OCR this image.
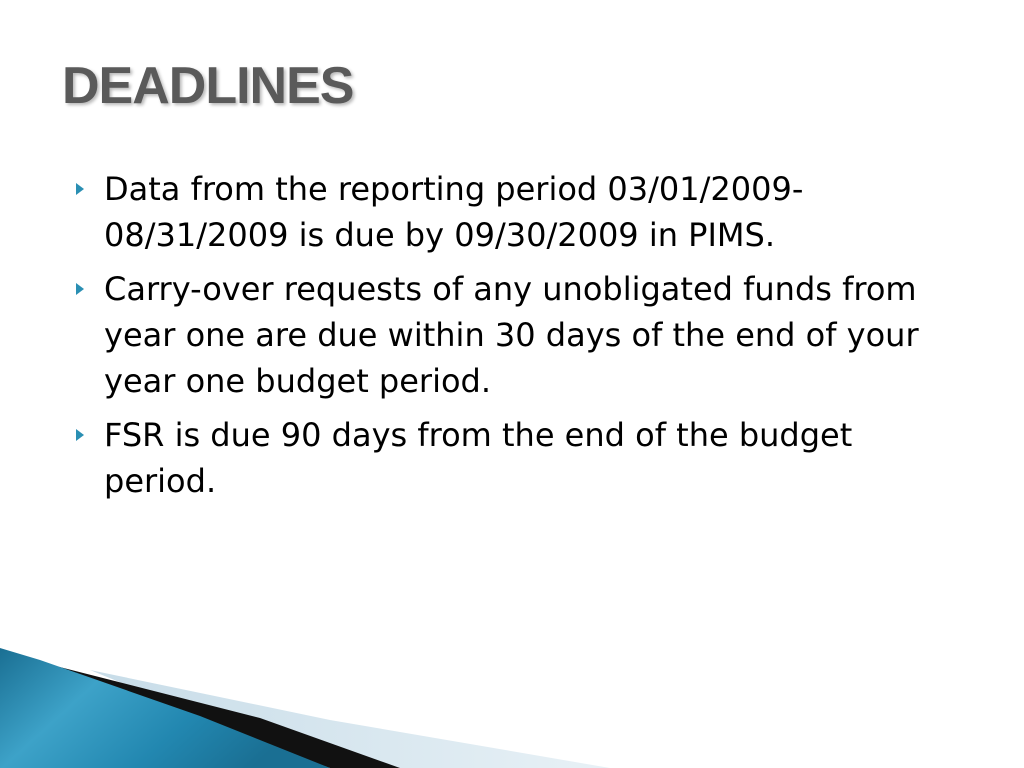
DEADLINES
Data from the reporting period 03/01/2009-08/31/2009 is due by 09/30/2009 in PIMS.
Carry-over requests of any unobligated funds from year one are due within 30 days of the end of your year one budget period.
FSR is due 90 days from the end of the budget period.
